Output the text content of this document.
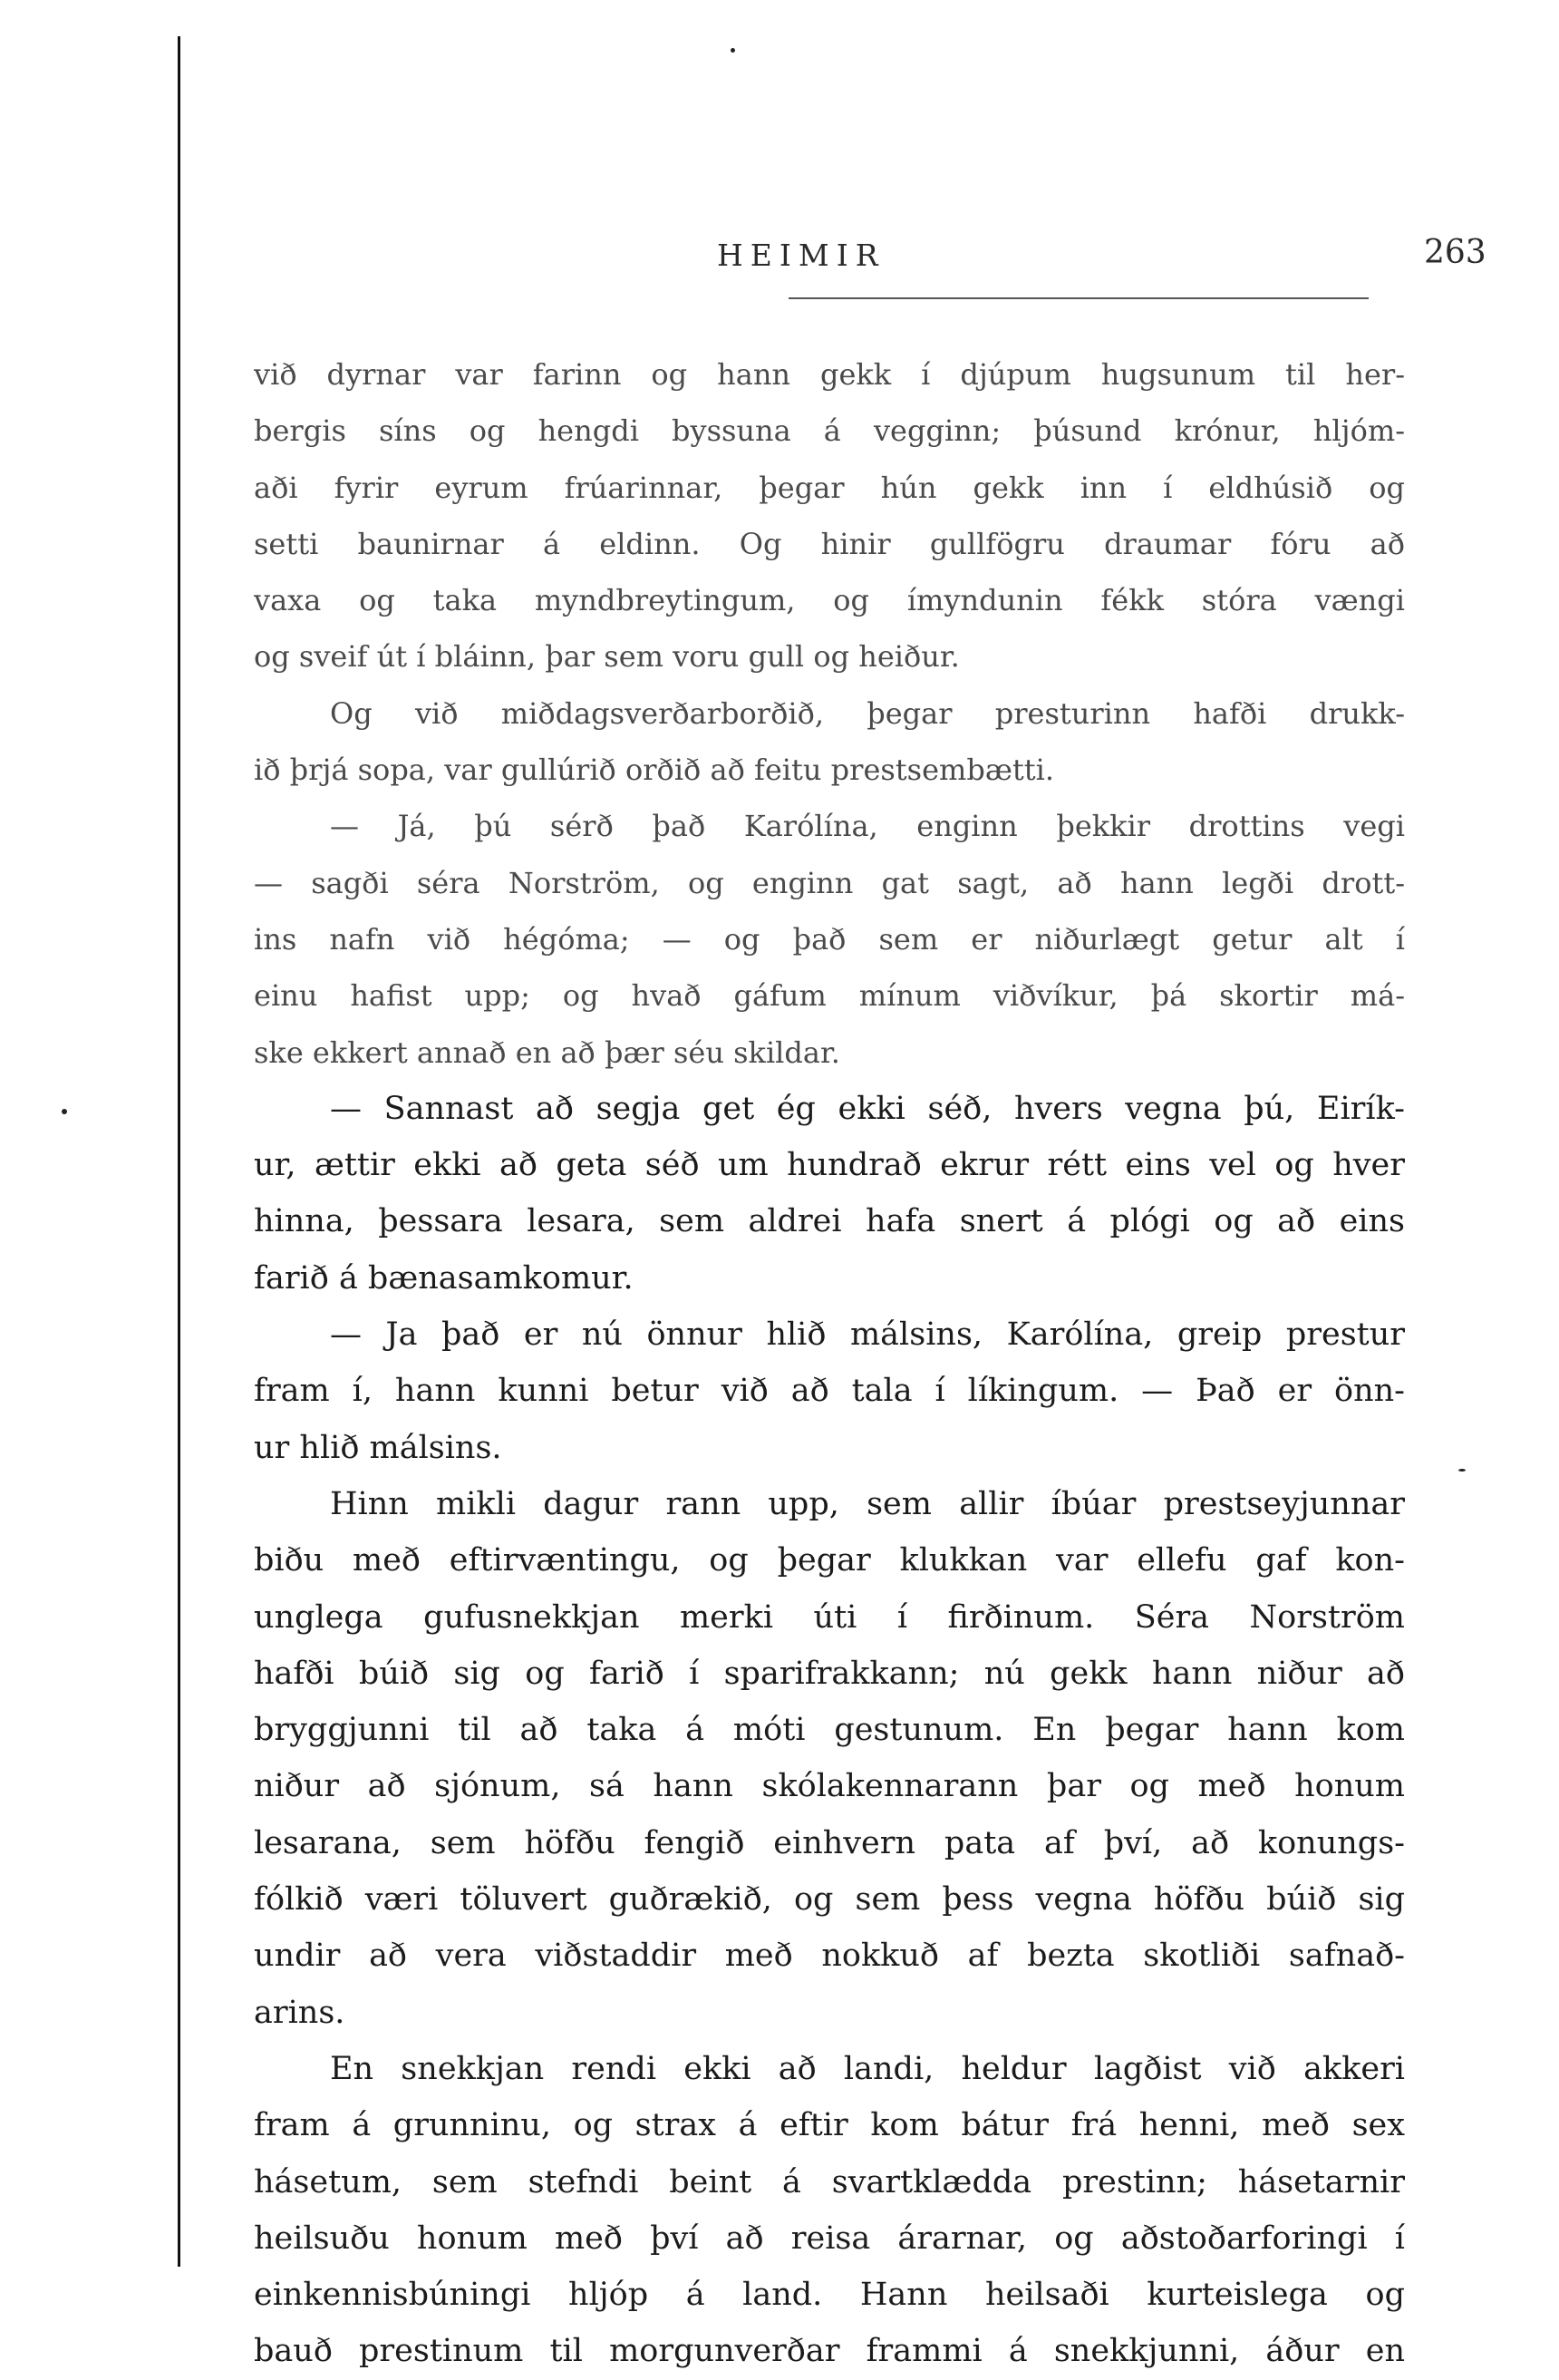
HEIMIR	263
við dyrnar var farinn og hann gekk í djúpum hugsunum til her-
bergis síns og hengdi byssuna á vegginn; þúsund krónur, hljóm-
aði fyrir eyrum frúarinnar, þegar hún gekk inn í eldhúsið og
setti baunirnar á eldinn. Og hinir gullfögru draumar fóru að
vaxa og taka myndbreytingum, og ímyndunin fékk stóra vængi
og sveif út í bláinn, þar sem voru gull og heiður.
Og við miðdagsverðarborðið, þegar presturinn hafði drukk-
ið þrjá sopa, var gullúrið orðið að feitu prestsembætti.
— Já, þú sérð það Karólína, enginn þekkir drottins vegi
— sagði séra Norström, og enginn gat sagt, að hann legði drott-
ins nafn við hégóma; — og það sem er niðurlægt getur alt í
einu hafist upp; og hvað gáfum mínum viðvíkur, þá skortir má-
ske ekkert annað en að þær séu skildar.
— Sannast að segja get ég ekki séð, hvers vegna þú, Eirík-
ur, ættir ekki að geta séð um hundrað ekrur rétt eins vel og hver
hinna, þessara lesara, sem aldrei hafa snert á plógi og að eins
farið á bænasamkomur.
— Ja það er nú önnur hlið málsins, Karólína, greip prestur
fram í, hann kunni betur við að tala í líkingum. — Það er önn-
ur hlið málsins.
Hinn mikli dagur rann upp, sem allir íbúar prestseyjunnar
biðu með eftirvæntingu, og þegar klukkan var ellefu gaf kon-
unglega gufusnekkjan merki úti í firðinum. Séra Norström
hafði búið sig og farið í sparifrakkann; nú gekk hann niður að
bryggjunni til að taka á móti gestunum. En þegar hann kom
niður að sjónum, sá hann skólakennarann þar og með honum
lesarana, sem höfðu fengið einhvern pata af því, að konungs-
fólkið væri töluvert guðrækið, og sem þess vegna höfðu búið sig
undir að vera viðstaddir með nokkuð af bezta skotliði safnað-
arins.
En snekkjan rendi ekki að landi, heldur lagðist við akkeri
fram á grunninu, og strax á eftir kom bátur frá henni, með sex
hásetum, sem stefndi beint á svartklædda prestinn; hásetarnir
heilsuðu honum með því að reisa árarnar, og aðstoðarforingi í
einkennisbúningi hljóp á land. Hann heilsaði kurteislega og
bauð prestinum til morgunverðar frammi á snekkjunni, áður en
